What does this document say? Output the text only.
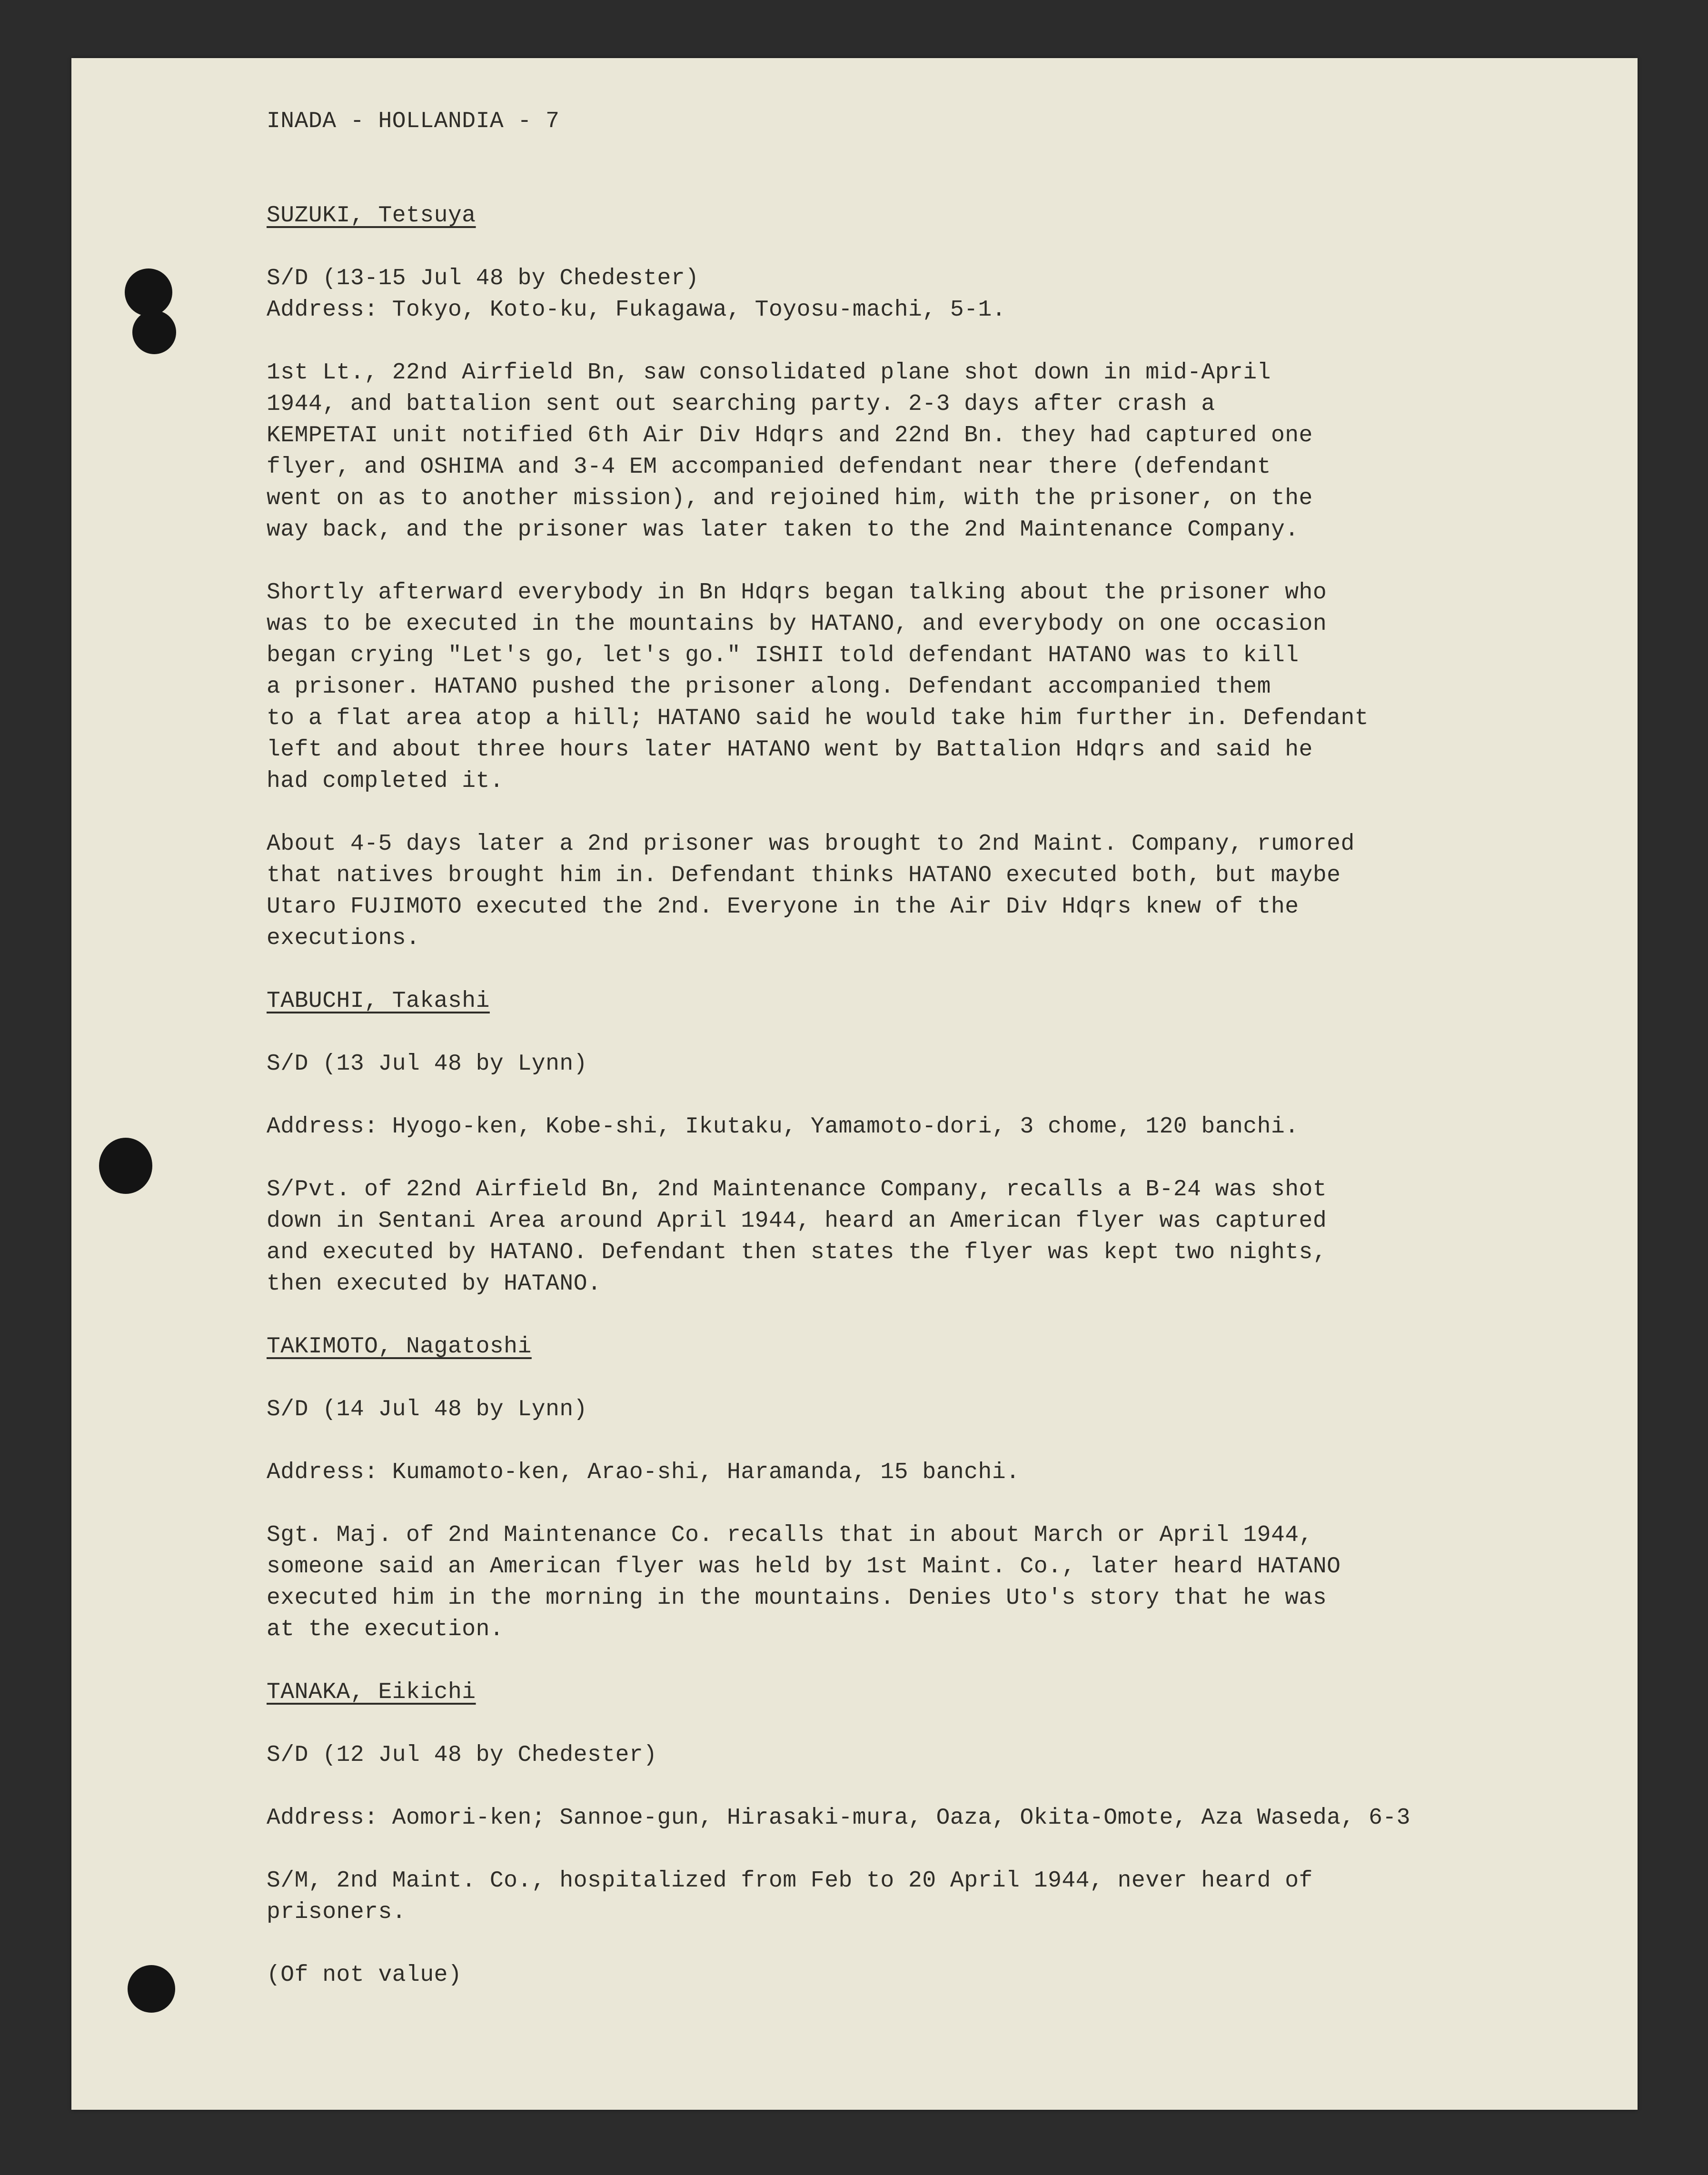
INADA - HOLLANDIA - 7
SUZUKI, Tetsuya
S/D (13-15 Jul 48 by Chedester)
Address: Tokyo, Koto-ku, Fukagawa, Toyosu-machi, 5-1.

1st Lt., 22nd Airfield Bn, saw consolidated plane shot down in mid-April
1944, and battalion sent out searching party. 2-3 days after crash a
KEMPETAI unit notified 6th Air Div Hdqrs and 22nd Bn. they had captured one
flyer, and OSHIMA and 3-4 EM accompanied defendant near there (defendant
went on as to another mission), and rejoined him, with the prisoner, on the
way back, and the prisoner was later taken to the 2nd Maintenance Company.

Shortly afterward everybody in Bn Hdqrs began talking about the prisoner who
was to be executed in the mountains by HATANO, and everybody on one occasion
began crying "Let's go, let's go." ISHII told defendant HATANO was to kill
a prisoner. HATANO pushed the prisoner along. Defendant accompanied them
to a flat area atop a hill; HATANO said he would take him further in. Defendant
left and about three hours later HATANO went by Battalion Hdqrs and said he
had completed it.

About 4-5 days later a 2nd prisoner was brought to 2nd Maint. Company, rumored
that natives brought him in. Defendant thinks HATANO executed both, but maybe
Utaro FUJIMOTO executed the 2nd. Everyone in the Air Div Hdqrs knew of the
executions.

TABUCHI, Takashi
S/D (13 Jul 48 by Lynn)
Address: Hyogo-ken, Kobe-shi, Ikutaku, Yamamoto-dori, 3 chome, 120 banchi.

S/Pvt. of 22nd Airfield Bn, 2nd Maintenance Company, recalls a B-24 was shot
down in Sentani Area around April 1944, heard an American flyer was captured
and executed by HATANO. Defendant then states the flyer was kept two nights,
then executed by HATANO.

TAKIMOTO, Nagatoshi
S/D (14 Jul 48 by Lynn)
Address: Kumamoto-ken, Arao-shi, Haramanda, 15 banchi.

Sgt. Maj. of 2nd Maintenance Co. recalls that in about March or April 1944,
someone said an American flyer was held by 1st Maint. Co., later heard HATANO
executed him in the morning in the mountains. Denies Uto's story that he was
at the execution.

TANAKA, Eikichi
S/D (12 Jul 48 by Chedester)
Address: Aomori-ken; Sannoe-gun, Hirasaki-mura, Oaza, Okita-Omote, Aza Waseda, 6-3

S/M, 2nd Maint. Co., hospitalized from Feb to 20 April 1944, never heard of
prisoners.

(Of not value)
